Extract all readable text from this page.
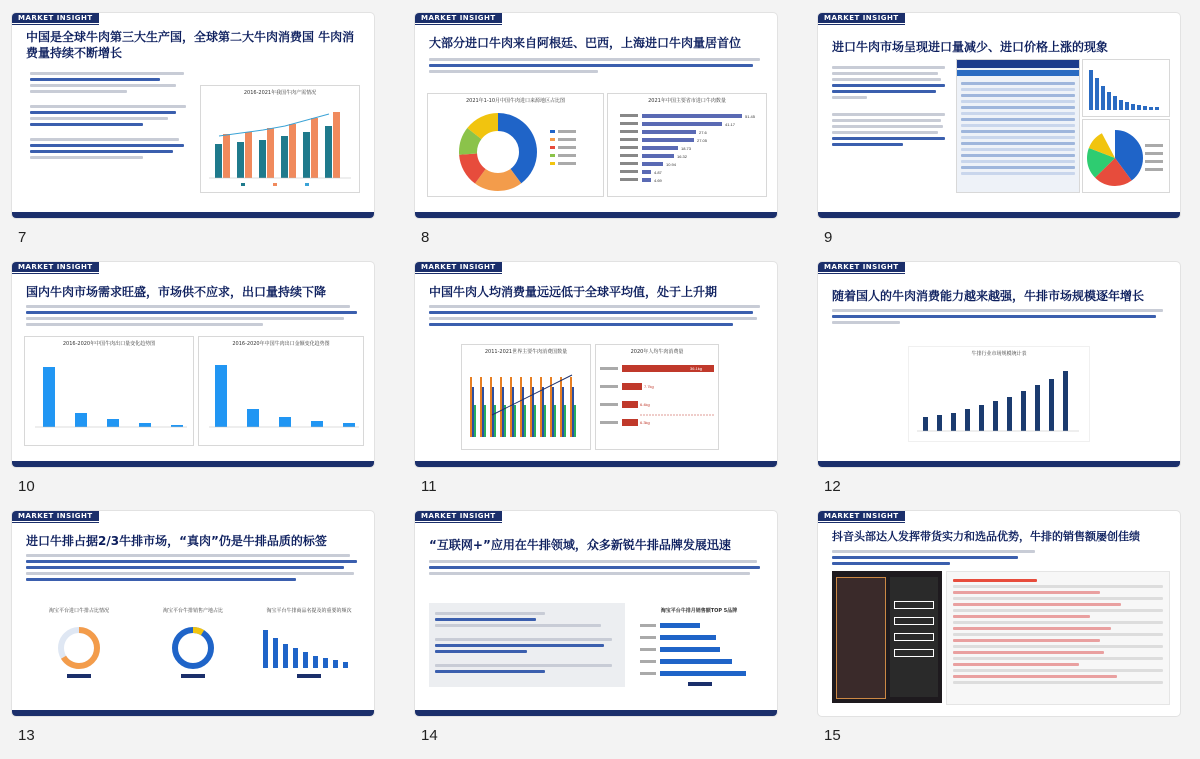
MARKET INSIGHT
中国是全球牛肉第三大生产国，全球第二大牛肉消费国 牛肉消费量持续不断增长
2016-2021年我国牛肉产需情况
7
MARKET INSIGHT
大部分进口牛肉来自阿根廷、巴西，上海进口牛肉量居首位
2021年1-10月中国牛肉进口来源地区占比图	2021年中国主要省市进口牛肉数量
51.45
41.17
27.6
27.05
18.73
16.32
10.94
4.87
4.69
8
MARKET INSIGHT
进口牛肉市场呈现进口量减少、进口价格上涨的现象
9
MARKET INSIGHT
国内牛肉市场需求旺盛，市场供不应求，出口量持续下降
2016-2020年中国牛肉出口量变化趋势图	2016-2020年中国牛肉出口金额变化趋势图
10
MARKET INSIGHT
中国牛肉人均消费量远远低于全球平均值，处于上升期
2011-2021世界主要牛肉消费国数量	2020年人均牛肉消费量
36.1kg
7.7kg
6.4kg
6.3kg
11
MARKET INSIGHT
随着国人的牛肉消费能力越来越强，牛排市场规模逐年增长
牛排行业市场规模统计表
12
MARKET INSIGHT
进口牛排占据2/3牛排市场，“真肉”仍是牛排品质的标签
淘宝平台进口牛排占比情况	淘宝平台牛排销售产地占比	淘宝平台牛排商品名提及的重要的频次
13
MARKET INSIGHT
“互联网+”应用在牛排领域，众多新锐牛排品牌发展迅速
淘宝平台牛排月销售额TOP 5品牌
14
MARKET INSIGHT
抖音头部达人发挥带货实力和选品优势，牛排的销售额屡创佳绩
15
